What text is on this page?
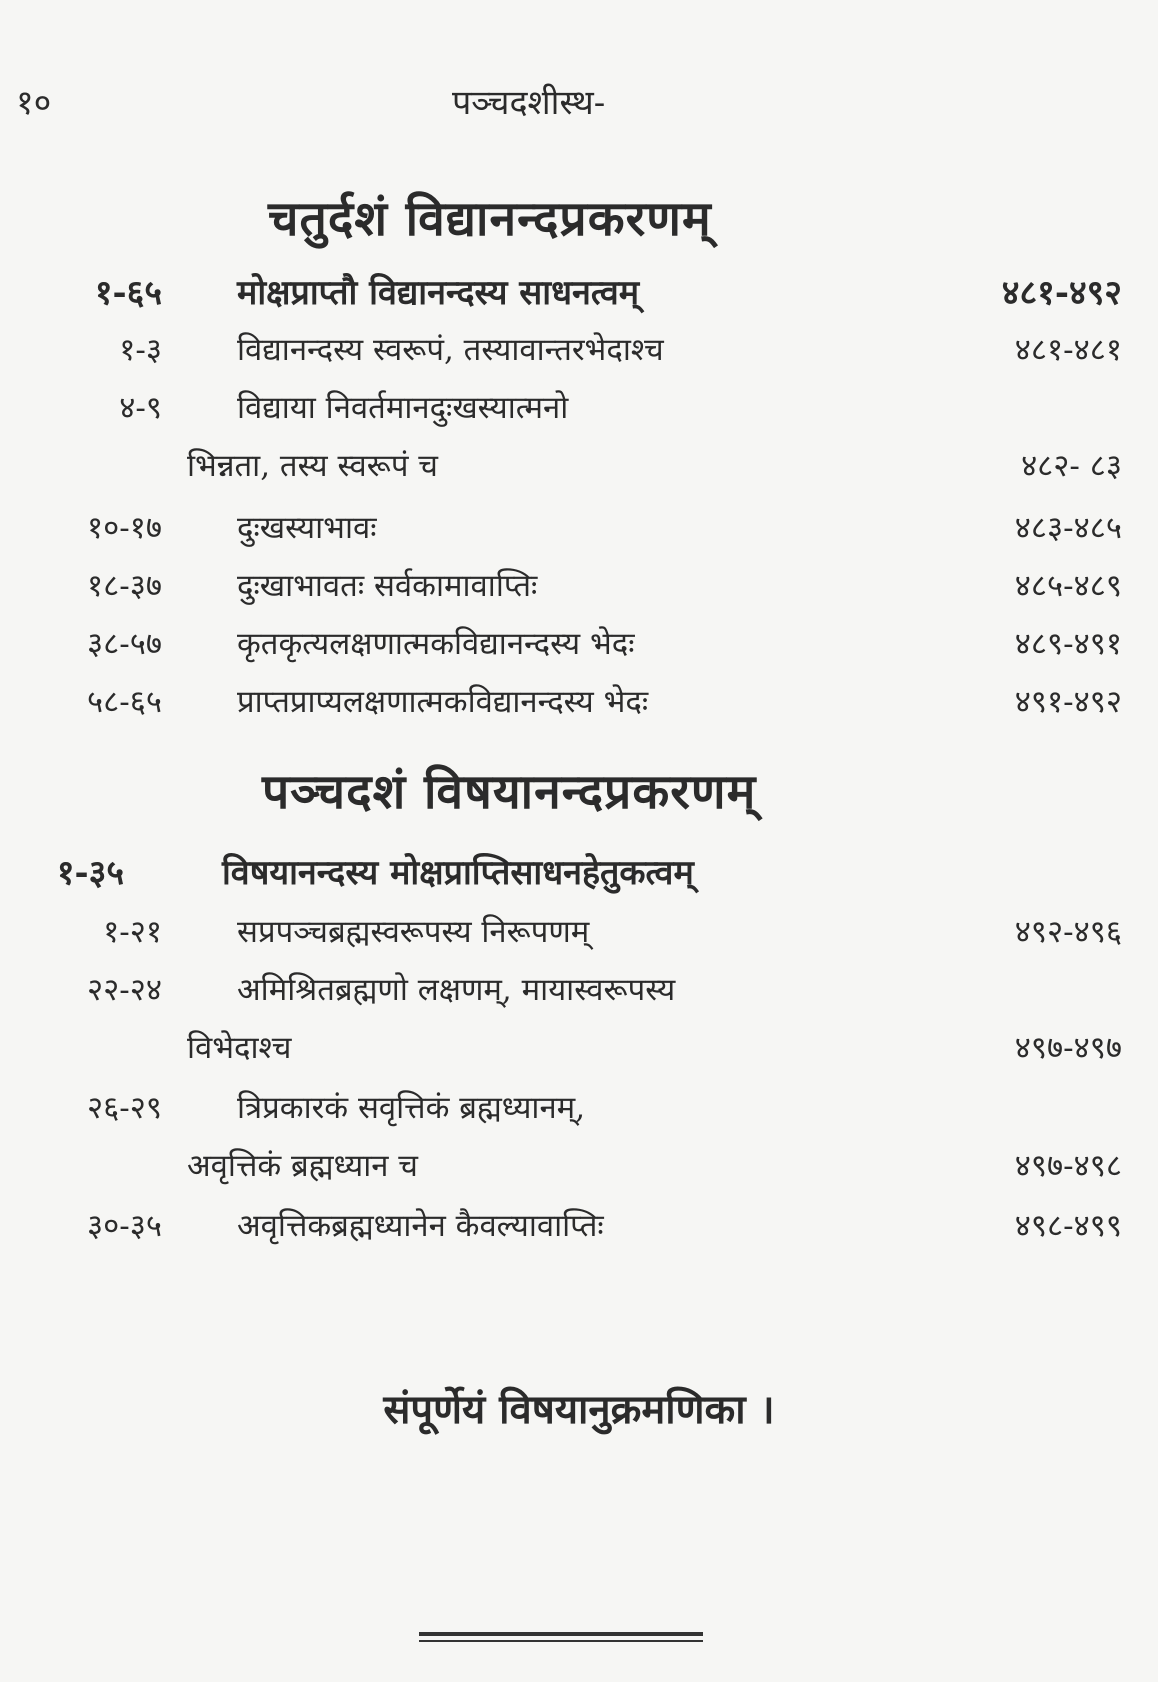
१०	पञ्चदशीस्थ-
चतुर्दशं विद्यानन्दप्रकरणम्
१-६५ मोक्षप्राप्तौ विद्यानन्दस्य साधनत्वम्	४८१-४९२
१-३ विद्यानन्दस्य स्वरूपं, तस्यावान्तरभेदाश्च	४८१-४८१
४-९ विद्याया निवर्तमानदुःखस्यात्मनो
भिन्नता, तस्य स्वरूपं च	४८२- ८३
१०-१७ दुःखस्याभावः	४८३-४८५
१८-३७ दुःखाभावतः सर्वकामावाप्तिः	४८५-४८९
३८-५७ कृतकृत्यलक्षणात्मकविद्यानन्दस्य भेदः	४८९-४९१
५८-६५ प्राप्तप्राप्यलक्षणात्मकविद्यानन्दस्य भेदः	४९१-४९२
पञ्चदशं विषयानन्दप्रकरणम्
१-३५	विषयानन्दस्य मोक्षप्राप्तिसाधनहेतुकत्वम्
१-२१ सप्रपञ्चब्रह्मस्वरूपस्य निरूपणम्	४९२-४९६
२२-२४ अमिश्रितब्रह्मणो लक्षणम्, मायास्वरूपस्य
विभेदाश्च	४९७-४९७
२६-२९ त्रिप्रकारकं सवृत्तिकं ब्रह्मध्यानम्,
अवृत्तिकं ब्रह्मध्यान च	४९७-४९८
३०-३५ अवृत्तिकब्रह्मध्यानेन कैवल्यावाप्तिः	४९८-४९९
संपूर्णेयं विषयानुक्रमणिका ।
